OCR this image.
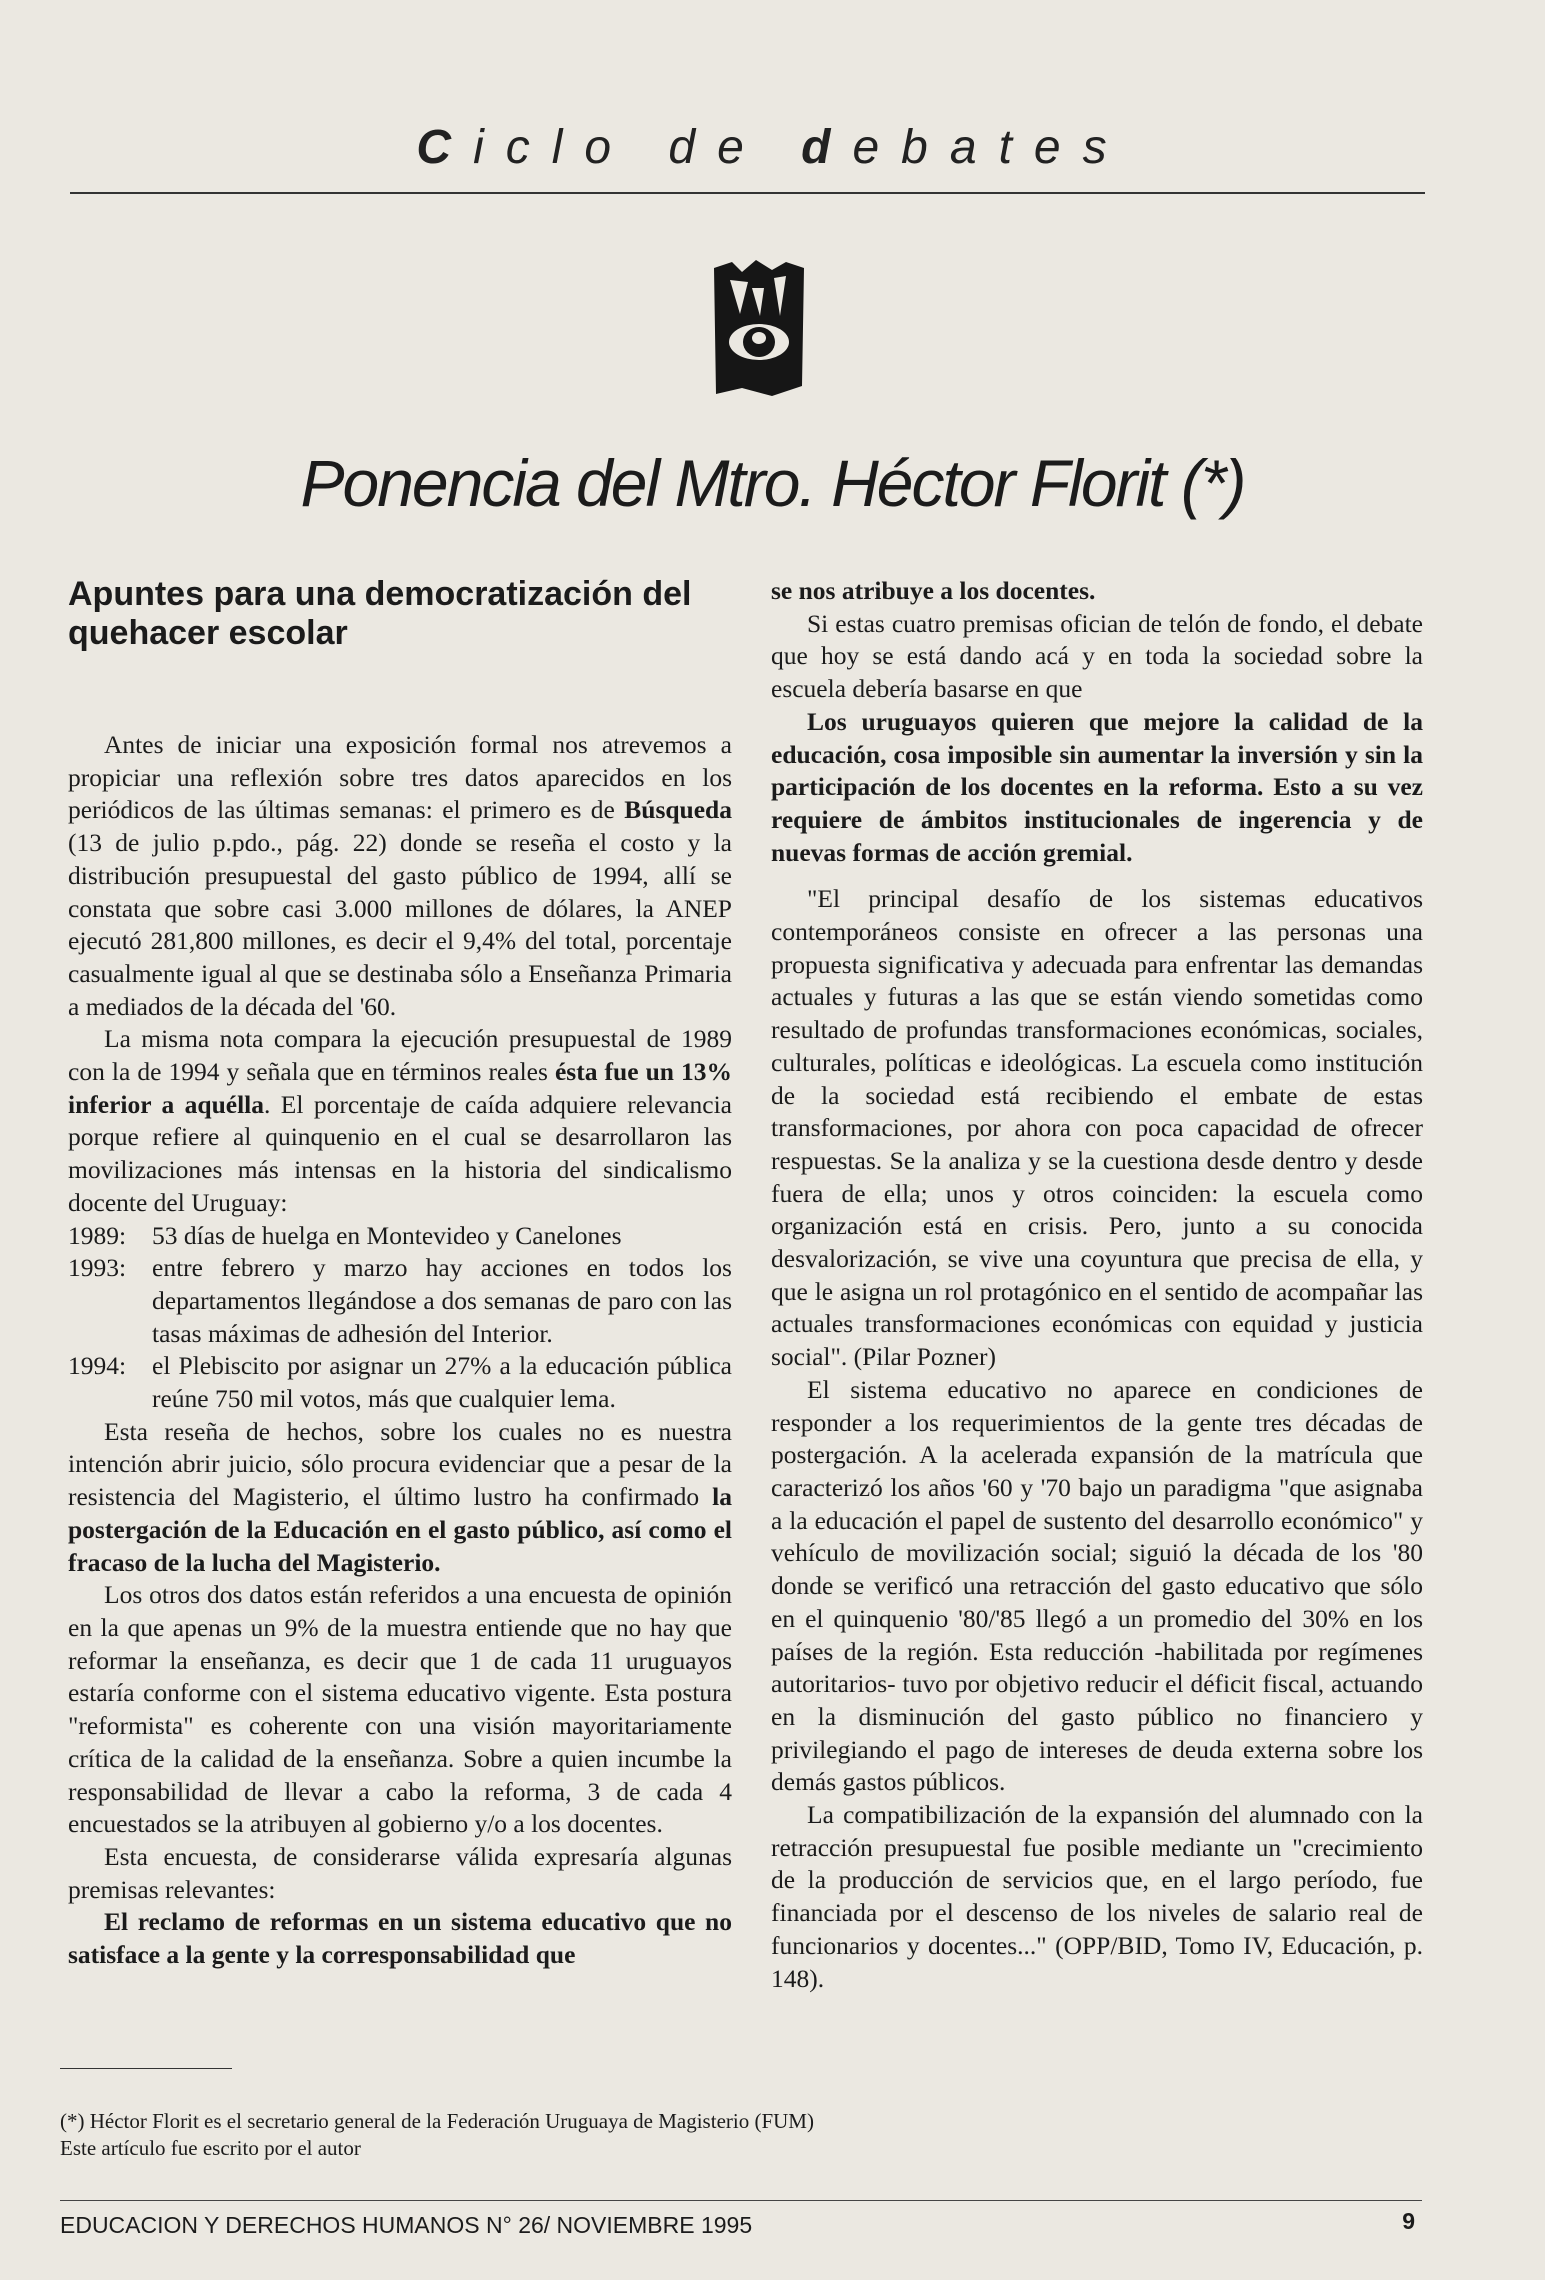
Ciclo de debates
Ponencia del Mtro. Héctor Florit (*)
Apuntes para una democratización del quehacer escolar

Antes de iniciar una exposición formal nos atrevemos a propiciar una reflexión sobre tres datos aparecidos en los periódicos de las últimas semanas: el primero es de Búsqueda (13 de julio p.pdo., pág. 22) donde se reseña el costo y la distribución presupuestal del gasto público de 1994, allí se constata que sobre casi 3.000 millones de dólares, la ANEP ejecutó 281,800 millones, es decir el 9,4% del total, porcentaje casualmente igual al que se destinaba sólo a Enseñanza Primaria a mediados de la década del '60.

La misma nota compara la ejecución presupuestal de 1989 con la de 1994 y señala que en términos reales ésta fue un 13% inferior a aquélla. El porcentaje de caída adquiere relevancia porque refiere al quinquenio en el cual se desarrollaron las movilizaciones más intensas en la historia del sindicalismo docente del Uruguay:

1989:	53 días de huelga en Montevideo y Canelones
1993:	entre febrero y marzo hay acciones en todos los departamentos llegándose a dos semanas de paro con las tasas máximas de adhesión del Interior.
1994:	el Plebiscito por asignar un 27% a la educación pública reúne 750 mil votos, más que cualquier lema.

Esta reseña de hechos, sobre los cuales no es nuestra intención abrir juicio, sólo procura evidenciar que a pesar de la resistencia del Magisterio, el último lustro ha confirmado la postergación de la Educación en el gasto público, así como el fracaso de la lucha del Magisterio.

Los otros dos datos están referidos a una encuesta de opinión en la que apenas un 9% de la muestra entiende que no hay que reformar la enseñanza, es decir que 1 de cada 11 uruguayos estaría conforme con el sistema educativo vigente. Esta postura "reformista" es coherente con una visión mayoritariamente crítica de la calidad de la enseñanza. Sobre a quien incumbe la responsabilidad de llevar a cabo la reforma, 3 de cada 4 encuestados se la atribuyen al gobierno y/o a los docentes.

Esta encuesta, de considerarse válida expresaría algunas premisas relevantes:

El reclamo de reformas en un sistema educativo que no satisface a la gente y la corresponsabilidad que

se nos atribuye a los docentes.

Si estas cuatro premisas ofician de telón de fondo, el debate que hoy se está dando acá y en toda la sociedad sobre la escuela debería basarse en que

Los uruguayos quieren que mejore la calidad de la educación, cosa imposible sin aumentar la inversión y sin la participación de los docentes en la reforma. Esto a su vez requiere de ámbitos institucionales de ingerencia y de nuevas formas de acción gremial.

"El principal desafío de los sistemas educativos contemporáneos consiste en ofrecer a las personas una propuesta significativa y adecuada para enfrentar las demandas actuales y futuras a las que se están viendo sometidas como resultado de profundas transformaciones económicas, sociales, culturales, políticas e ideológicas. La escuela como institución de la sociedad está recibiendo el embate de estas transformaciones, por ahora con poca capacidad de ofrecer respuestas. Se la analiza y se la cuestiona desde dentro y desde fuera de ella; unos y otros coinciden: la escuela como organización está en crisis. Pero, junto a su conocida desvalorización, se vive una coyuntura que precisa de ella, y que le asigna un rol protagónico en el sentido de acompañar las actuales transformaciones económicas con equidad y justicia social". (Pilar Pozner)

El sistema educativo no aparece en condiciones de responder a los requerimientos de la gente tres décadas de postergación. A la acelerada expansión de la matrícula que caracterizó los años '60 y '70 bajo un paradigma "que asignaba a la educación el papel de sustento del desarrollo económico" y vehículo de movilización social; siguió la década de los '80 donde se verificó una retracción del gasto educativo que sólo en el quinquenio '80/'85 llegó a un promedio del 30% en los países de la región. Esta reducción -habilitada por regímenes autoritarios- tuvo por objetivo reducir el déficit fiscal, actuando en la disminución del gasto público no financiero y privilegiando el pago de intereses de deuda externa sobre los demás gastos públicos.

La compatibilización de la expansión del alumnado con la retracción presupuestal fue posible mediante un "crecimiento de la producción de servicios que, en el largo período, fue financiada por el descenso de los niveles de salario real de funcionarios y docentes..." (OPP/BID, Tomo IV, Educación, p. 148).

(*) Héctor Florit es el secretario general de la Federación Uruguaya de Magisterio (FUM)
Este artículo fue escrito por el autor
EDUCACION Y DERECHOS HUMANOS N° 26/ NOVIEMBRE 1995	9
